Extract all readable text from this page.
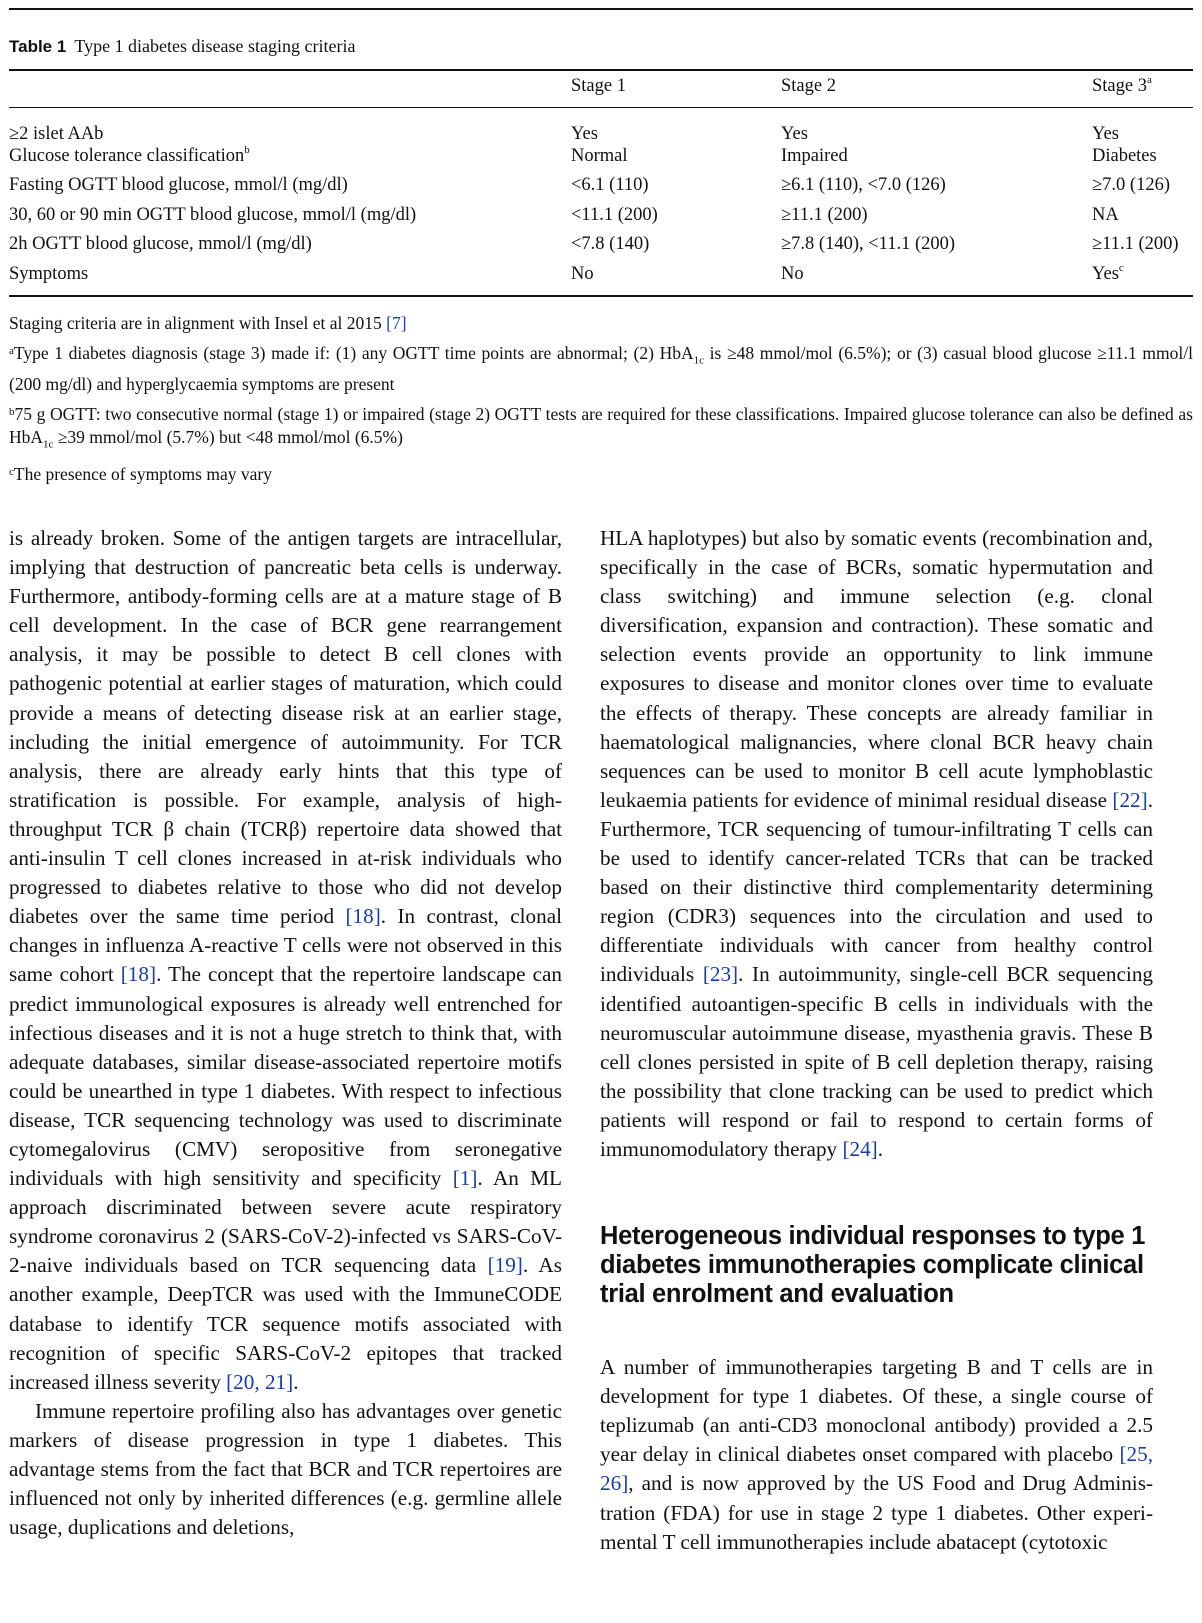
Table 1 Type 1 diabetes disease staging criteria
	Stage 1	Stage 2	Stage $3^a$
≥2 islet AAb	Yes	Yes	Yes
Glucose tolerance classification$^b$	Normal	Impaired	Diabetes
Fasting OGTT blood glucose, mmol/l (mg/dl)	<6.1 (110)	≥6.1 (110), <7.0 (126)	≥7.0 (126)
30, 60 or 90 min OGTT blood glucose, mmol/l (mg/dl)	<11.1 (200)	≥11.1 (200)	NA
2h OGTT blood glucose, mmol/l (mg/dl)	<7.8 (140)	≥7.8 (140), <11.1 (200)	≥11.1 (200)
Symptoms	No	No	Yes$^c$

Staging criteria are in alignment with Insel et al 2015 [7]

$^a$Type 1 diabetes diagnosis (stage 3) made if: (1) any OGTT time points are abnormal; (2) HbA$_{1c}$ is ≥48 mmol/mol (6.5%); or (3) casual blood glucose ≥11.1 mmol/l (200 mg/dl) and hyperglycaemia symptoms are present

$^b$75 g OGTT: two consecutive normal (stage 1) or impaired (stage 2) OGTT tests are required for these classifications. Impaired glucose tolerance can also be defined as HbA$_{1c}$ ≥39 mmol/mol (5.7%) but <48 mmol/mol (6.5%)

$^c$The presence of symptoms may vary

is already broken. Some of the antigen targets are intracellular, implying that destruction of pancreatic beta cells is underway. Furthermore, antibody-forming cells are at a mature stage of B cell development. In the case of BCR gene rearrangement analysis, it may be possible to detect B cell clones with pathogenic potential at earlier stages of maturation, which could provide a means of detecting disease risk at an earlier stage, including the initial emergence of autoimmunity. For TCR analysis, there are already early hints that this type of stratification is possible. For example, analysis of high-throughput TCR β chain (TCRβ) repertoire data showed that anti-insulin T cell clones increased in at-risk individuals who progressed to diabetes relative to those who did not develop diabetes over the same time period [18]. In contrast, clonal changes in influenza A-reactive T cells were not observed in this same cohort [18]. The concept that the repertoire landscape can predict immunological exposures is already well entrenched for infectious diseases and it is not a huge stretch to think that, with adequate databases, similar disease-associated repertoire motifs could be unearthed in type 1 diabetes. With respect to infectious disease, TCR sequencing technology was used to discriminate cytomegalovirus (CMV) seropositive from seronegative individuals with high sensitivity and specificity [1]. An ML approach discriminated between severe acute respiratory syndrome coronavirus 2 (SARS-CoV-2)-infected vs SARS-CoV-2-naive individuals based on TCR sequencing data [19]. As another example, DeepTCR was used with the ImmuneCODE database to identify TCR sequence motifs associated with recognition of specific SARS-CoV-2 epitopes that tracked increased illness severity [20, 21].

Immune repertoire profiling also has advantages over genetic markers of disease progression in type 1 diabetes. This advantage stems from the fact that BCR and TCR repertoires are influenced not only by inherited differences (e.g. germline allele usage, duplications and deletions,

HLA haplotypes) but also by somatic events (recombination and, specifically in the case of BCRs, somatic hypermutation and class switching) and immune selection (e.g. clonal diversification, expansion and contraction). These somatic and selection events provide an opportunity to link immune exposures to disease and monitor clones over time to evaluate the effects of therapy. These concepts are already familiar in haematological malignancies, where clonal BCR heavy chain sequences can be used to monitor B cell acute lymphoblastic leukaemia patients for evidence of minimal residual disease [22]. Furthermore, TCR sequencing of tumour-infiltrating T cells can be used to identify cancer-related TCRs that can be tracked based on their distinctive third complementarity determining region (CDR3) sequences into the circulation and used to differentiate individuals with cancer from healthy control individuals [23]. In autoimmunity, single-cell BCR sequencing identified autoantigen-specific B cells in individuals with the neuromuscular autoimmune disease, myasthenia gravis. These B cell clones persisted in spite of B cell depletion therapy, raising the possibility that clone tracking can be used to predict which patients will respond or fail to respond to certain forms of immunomodulatory therapy [24].

Heterogeneous individual responses to type 1 diabetes immunotherapies complicate clinical trial enrolment and evaluation

A number of immunotherapies targeting B and T cells are in development for type 1 diabetes. Of these, a single course of teplizumab (an anti-CD3 monoclonal antibody) provided a 2.5 year delay in clinical diabetes onset compared with placebo [25, 26], and is now approved by the US Food and Drug Administration (FDA) for use in stage 2 type 1 diabetes. Other experimental T cell immunotherapies include abatacept (cytotoxic
